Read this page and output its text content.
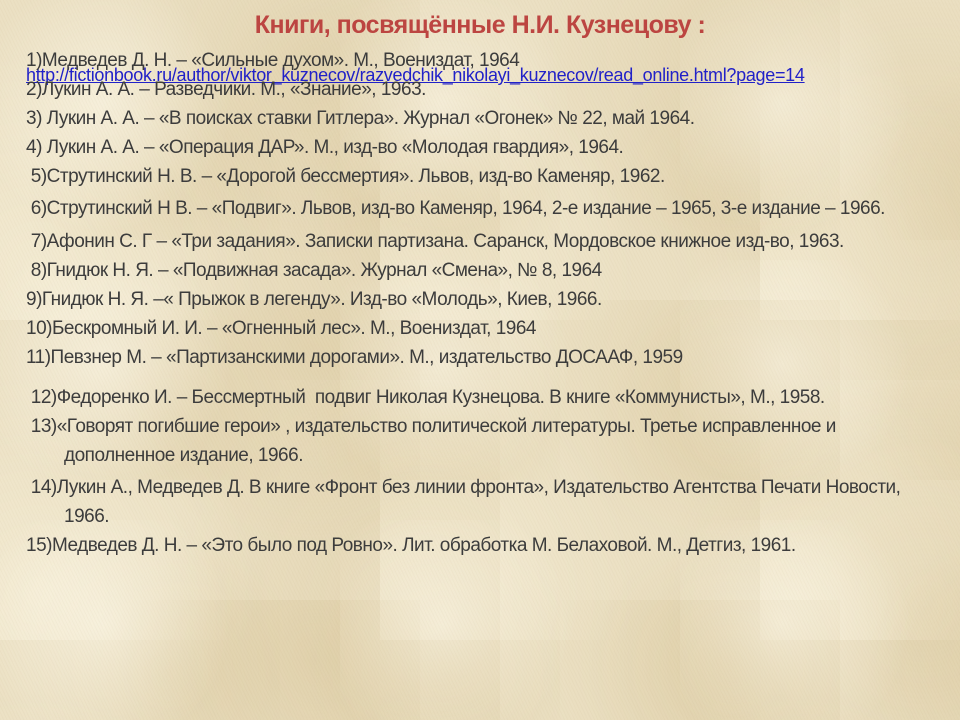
Книги, посвящённые Н.И. Кузнецову :

1)Медведев Д. Н. – «Сильные духом». М., Воениздат, 1964

2)Лукин А. А. – Разведчики. М., «Знание», 1963.

3) Лукин А. А. – «В поисках ставки Гитлера». Журнал «Огонек» № 22, май 1964.

4) Лукин А. А. – «Операция ДАР». М., изд-во «Молодая гвардия», 1964.

5)Струтинский Н. В. – «Дорогой бессмертия». Львов, изд-во Каменяр, 1962.

6)Струтинский Н В. – «Подвиг». Львов, изд-во Каменяр, 1964, 2-е издание – 1965, 3-е издание – 1966.

7)Афонин С. Г – «Три задания». Записки партизана. Саранск, Мордовское книжное изд-во, 1963.

8)Гнидюк Н. Я. – «Подвижная засада». Журнал «Смена», № 8, 1964

9)Гнидюк Н. Я. –« Прыжок в легенду». Изд-во «Молодь», Киев, 1966.

10)Бескромный И. И. – «Огненный лес». М., Воениздат, 1964

11)Певзнер М. – «Партизанскими дорогами». М., издательство ДОСААФ, 1959

12)Федоренко И. – Бессмертный  подвиг Николая Кузнецова. В книге «Коммунисты», М., 1958.

13)«Говорят погибшие герои» , издательство политической литературы. Третье исправленное и дополненное издание, 1966.

14)Лукин А., Медведев Д. В книге «Фронт без линии фронта», Издательство Агентства Печати Новости, 1966.

15)Медведев Д. Н. – «Это было под Ровно». Лит. обработка М. Белаховой. М., Детгиз, 1961.

http://fictionbook.ru/author/viktor_kuznecov/razvedchik_nikolayi_kuznecov/read_online.html?page=14
